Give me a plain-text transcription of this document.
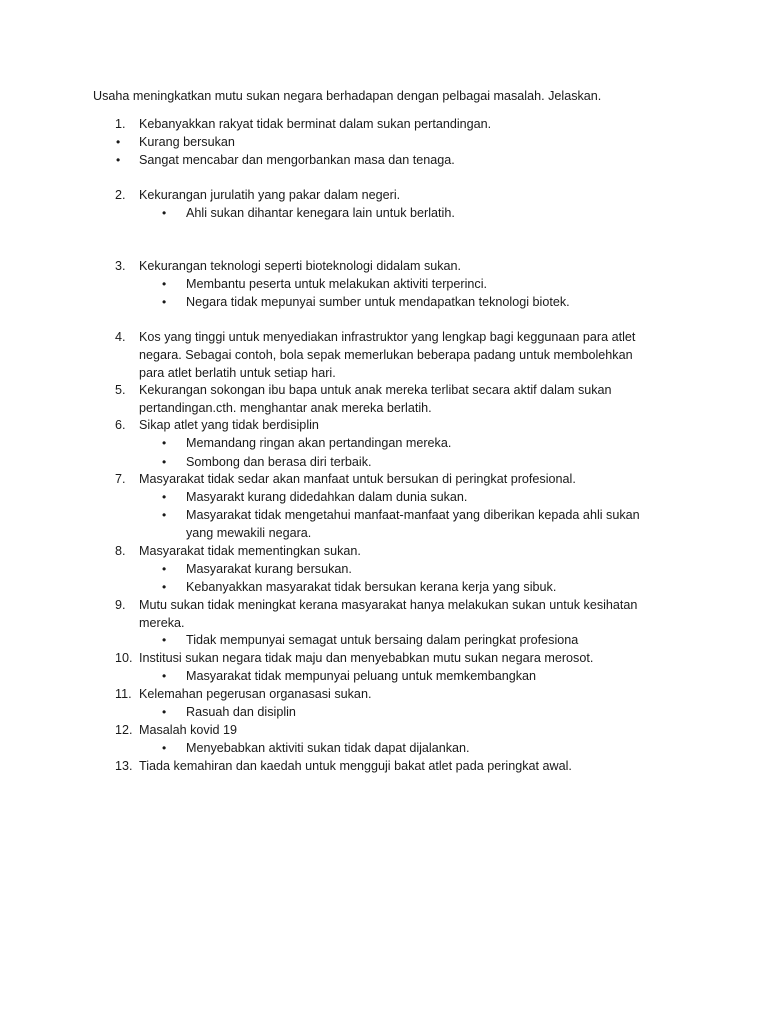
Usaha meningkatkan mutu sukan negara berhadapan dengan pelbagai masalah. Jelaskan.
1. Kebanyakkan rakyat tidak berminat dalam sukan pertandingan.
• Kurang bersukan
• Sangat mencabar dan mengorbankan masa dan tenaga.
2. Kekurangan jurulatih yang pakar dalam negeri.
• Ahli sukan dihantar kenegara lain untuk berlatih.
3. Kekurangan teknologi seperti bioteknologi didalam sukan.
• Membantu peserta untuk melakukan aktiviti terperinci.
• Negara tidak mepunyai sumber untuk mendapatkan teknologi biotek.
4. Kos yang tinggi untuk menyediakan infrastruktor yang lengkap bagi keggunaan para atlet
negara. Sebagai contoh, bola sepak memerlukan beberapa padang untuk membolehkan
para atlet berlatih untuk setiap hari.
5. Kekurangan sokongan ibu bapa untuk anak mereka terlibat secara aktif dalam sukan
pertandingan.cth. menghantar anak mereka berlatih.
6. Sikap atlet yang tidak berdisiplin
• Memandang ringan akan pertandingan mereka.
• Sombong dan berasa diri terbaik.
7. Masyarakat tidak sedar akan manfaat untuk bersukan di peringkat profesional.
• Masyarakt kurang didedahkan dalam dunia sukan.
• Masyarakat tidak mengetahui manfaat-manfaat yang diberikan kepada ahli sukan
yang mewakili negara.
8. Masyarakat tidak mementingkan sukan.
• Masyarakat kurang bersukan.
• Kebanyakkan masyarakat tidak bersukan kerana kerja yang sibuk.
9. Mutu sukan tidak meningkat kerana masyarakat hanya melakukan sukan untuk kesihatan
mereka.
• Tidak mempunyai semagat untuk bersaing dalam peringkat profesiona
10. Institusi sukan negara tidak maju dan menyebabkan mutu sukan negara merosot.
• Masyarakat tidak mempunyai peluang untuk memkembangkan
11. Kelemahan pegerusan organasasi sukan.
• Rasuah dan disiplin
12. Masalah kovid 19
• Menyebabkan aktiviti sukan tidak dapat dijalankan.
13. Tiada kemahiran dan kaedah untuk mengguji bakat atlet pada peringkat awal.
